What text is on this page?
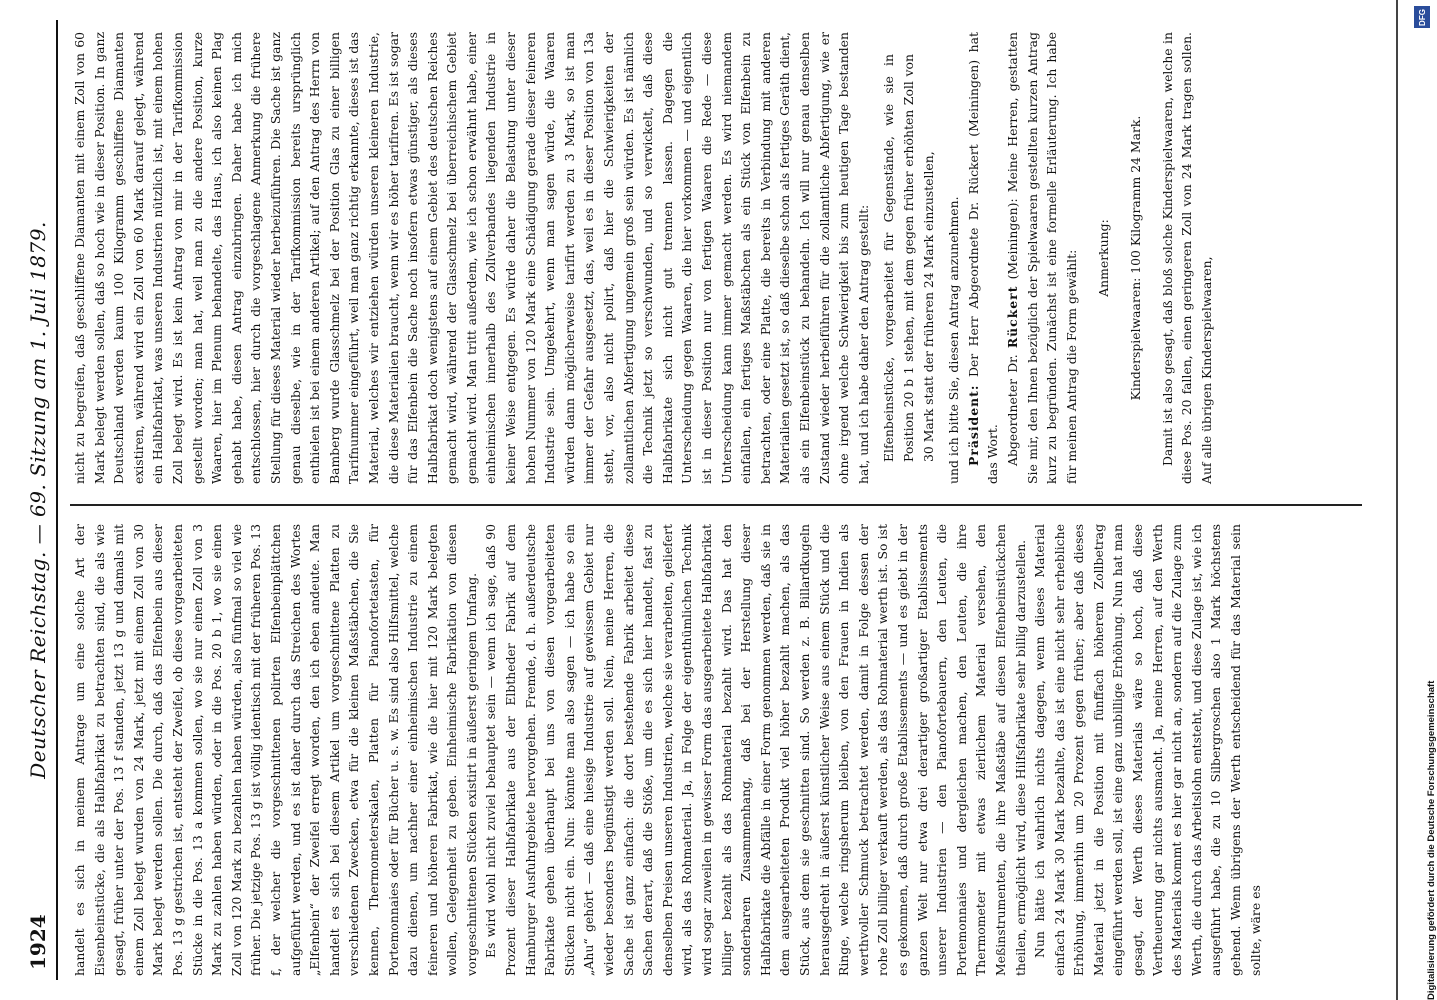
1924
Deutscher Reichstag. — 69. Sitzung am 1. Juli 1879. handelt es sich in meinem Antrage um eine solche Art der Eisenbeinstücke, die als Halbfabrikat zu betrachten sind, die als wie gesagt, früher unter der Pos. 13 f standen, jetzt 13 g und damals mit einem Zoll belegt wurden von 24 Mark, jetzt mit einem Zoll von 30 Mark belegt werden sollen. Die durch, daß das Elfenbein aus dieser Pos. 13 g gestrichen ist, entsteht der Zweifel, ob diese vorgearbeiteten Stücke in die Pos. 13 a kommen sollen, wo sie nur einen Zoll von 3 Mark zu zahlen haben würden, oder in die Pos. 20 b 1, wo sie einen Zoll von 120 Mark zu bezahlen haben würden, also fünfmal so viel wie früher. Die jetzige Pos. 13 g ist völlig identisch mit der früheren Pos. 13 f, der welcher die vorgeschnittenen polirten Elfenbeinplättchen aufgeführt werden, und es ist daher durch das Streichen des Wortes „Elfenbein“ der Zweifel erregt worden, den ich eben andeute. Man handelt es sich bei diesem Artikel um vorgeschnittene Platten zu verschiedenen Zwecken, etwa für die kleinen Maßstäbchen, die Sie kennen, Thermometerskalen, Platten für Pianofortetasten, für Portemonnaies oder für Bücher u. s. w. Es sind also Hilfsmittel, welche dazu dienen, um nachher einer einheimischen Industrie zu einem feineren und höheren Fabrikat, wie die hier mit 120 Mark belegten wollen, Gelegenheit zu geben. Einheimische Fabrikation von diesen vorgeschnittenen Stücken existirt in äußerst geringem Umfang. Es wird wohl nicht zuviel behauptet sein — wenn ich sage, daß 90 Prozent dieser Halbfabrikate aus der Elbtheder Fabrik auf dem Hamburger Ausfuhrgebiete hervorgehen. Fremde, d. h. außerdeutsche Fabrikate gehen überhaupt bei uns von diesen vorgearbeiteten Stücken nicht ein. Nun: könnte man also sagen — ich habe so ein „Ahu“ gehört — daß eine hiesige Industrie auf gewissem Gebiet nur wieder besonders begünstigt werden soll. Nein, meine Herren, die Sache ist ganz einfach: die dort bestehende Fabrik arbeitet diese Sachen derart, daß die Stöße, um die es sich hier handelt, fast zu denselben Preisen unseren Industrien, welche sie verarbeiten, geliefert wird, als das Rohmaterial. Ja, in Folge der eigenthümlichen Technik wird sogar zuweilen in gewisser Form das ausgearbeitete Halbfabrikat billiger bezahlt als das Rohmaterial bezahlt wird. Das hat den sonderbaren Zusammenhang, daß bei der Herstellung dieser Halbfabrikate die Abfälle in einer Form genommen werden, daß sie in dem ausgearbeiteten Produkt viel höher bezahlt machen, als das Stück, aus dem sie geschnitten sind. So werden z. B. Billardkugeln herausgedreht in äußerst künstlicher Weise aus einem Stück und die Ringe, welche ringsherum bleiben, von den Frauen in Indien als werthvoller Schmuck betrachtet werden, damit in Folge dessen der rohe Zoll billiger verkauft werden, als das Rohmaterial werth ist. So ist es gekommen, daß durch große Etablissements — und es giebt in der ganzen Welt nur etwa drei derartiger großartiger Etablissements unserer Industrien — den Pianofortebauern, den Leuten, die Portemonnaies und dergleichen machen, den Leuten, die ihre Thermometer mit etwas zierlichem Material versehen, den Meßinstrumenten, die ihre Maßstäbe auf diesen Elfenbeinstückchen theilen, ermöglicht wird, diese Hilfsfabrikate sehr billig darzustellen. Nun hätte ich wahrlich nichts dagegen, wenn dieses Material einfach 24 Mark 30 Mark bezahlte, das ist eine nicht sehr erhebliche Erhöhung, immerhin um 20 Prozent gegen früher; aber daß dieses Material jetzt in die Position mit fünffach höherem Zollbetrag eingeführt werden soll, ist eine ganz unbillige Erhöhung. Nun hat man gesagt, der Werth dieses Materials wäre so hoch, daß diese Vertheuerung gar nichts ausmacht. Ja, meine Herren, auf den Werth des Materials kommt es hier gar nicht an, sondern auf die Zulage zum Werth, die durch das Arbeitslohn entsteht, und diese Zulage ist, wie ich ausgeführt habe, die zu 10 Silbergroschen also 1 Mark höchstens gehend. Wenn übrigens der Werth entscheidend für das Material sein sollte, wäre es

nicht zu begreifen, daß geschliffene Diamanten mit einem Zoll von 60 Mark belegt werden sollen, daß so hoch wie in dieser Position. In ganz Deutschland werden kaum 100 Kilogramm geschliffene Diamanten existiren, während wird ein Zoll von 60 Mark darauf gelegt, während ein Halbfabrikat, was unseren Industrien nützlich ist, mit einem hohen Zoll belegt wird. Es ist kein Antrag von mir in der Tarifkommission gestellt worden; man hat, weil man zu die andere Position, kurze Waaren, hier im Plenum behandelte, das Haus, ich also keinen Plag gehabt habe, diesen Antrag einzubringen. Daher habe ich mich entschlossen, hier durch die vorgeschlagene Anmerkung die frühere Stellung für dieses Material wieder herbeizuführen. Die Sache ist ganz genau dieselbe, wie in der Tarifkommission bereits ursprünglich enthielen ist bei einem anderen Artikel; auf den Antrag des Herrn von Bamberg wurde Glasschmelz bei der Position Glas zu einer billigen Tarifnummer eingeführt, weil man ganz richtig erkannte, dieses ist das Material, welches wir entziehen würden unseren kleineren Industrie, die diese Materialien braucht, wenn wir es höher tarifiren. Es ist sogar für das Elfenbein die Sache noch insofern etwas günstiger, als dieses Halbfabrikat doch wenigstens auf einem Gebiet des deutschen Reiches gemacht wird, während der Glasschmelz bei überreichischem Gebiet gemacht wird. Man tritt außerdem, wie ich schon erwähnt habe, einer einheimischen innerhalb des Zollverbandes liegenden Industrie in keiner Weise entgegen. Es würde daher die Belastung unter dieser hohen Nummer von 120 Mark eine Schädigung gerade dieser feineren Industrie sein. Umgekehrt, wenn man sagen würde, die Waaren würden dann möglicherweise tarifirt werden zu 3 Mark, so ist man immer der Gefahr ausgesetzt, das, weil es in dieser Position von 13a steht, vor, also nicht polirt, daß hier die Schwierigkeiten der zollamtlichen Abfertigung ungemein groß sein würden. Es ist nämlich die Technik jetzt so verschwunden, und so verwickelt, daß diese Halbfabrikate sich nicht gut trennen lassen. Dagegen die Unterscheidung gegen Waaren, die hier vorkommen — und eigentlich ist in dieser Position nur von fertigen Waaren die Rede — diese Unterscheidung kann immer gemacht werden. Es wird niemandem einfallen, ein fertiges Maßstäbchen als ein Stück von Elfenbein zu betrachten, oder eine Platte, die bereits in Verbindung mit anderen Materialien gesetzt ist, so daß dieselbe schon als fertiges Geräth dient, als ein Elfenbeinstück zu behandeln. Ich will nur genau denselben Zustand wieder herbeiführen für die zollamtliche Abfertigung, wie er ohne irgend welche Schwierigkeit bis zum heutigen Tage bestanden hat, und ich habe daher den Antrag gestellt: Elfenbeinstücke, vorgearbeitet für Gegenstände, wie sie in Position 20 b 1 stehen, mit dem gegen früher erhöhten Zoll von 30 Mark statt der früheren 24 Mark einzustellen, und ich bitte Sie, diesen Antrag anzunehmen. Präsident: Der Herr Abgeordnete Dr. Rückert (Meiningen) hat das Wort. Abgeordneter Dr. Rückert (Meiningen): Meine Herren, gestatten Sie mir, den Ihnen bezüglich der Spielwaaren gestellten kurzen Antrag kurz zu begründen. Zunächst ist eine formelle Erläuterung. Ich habe für meinen Antrag die Form gewählt: Anmerkung: Kinderspielwaaren: 100 Kilogramm 24 Mark. Damit ist also gesagt, daß bloß solche Kinderspielwaaren, welche in diese Pos. 20 fallen, einen geringeren Zoll von 24 Mark tragen sollen. Auf alle übrigen Kinderspielwaaren,

DFG
Digitalisierung gefördert durch die Deutsche Forschungsgemeinschaft
